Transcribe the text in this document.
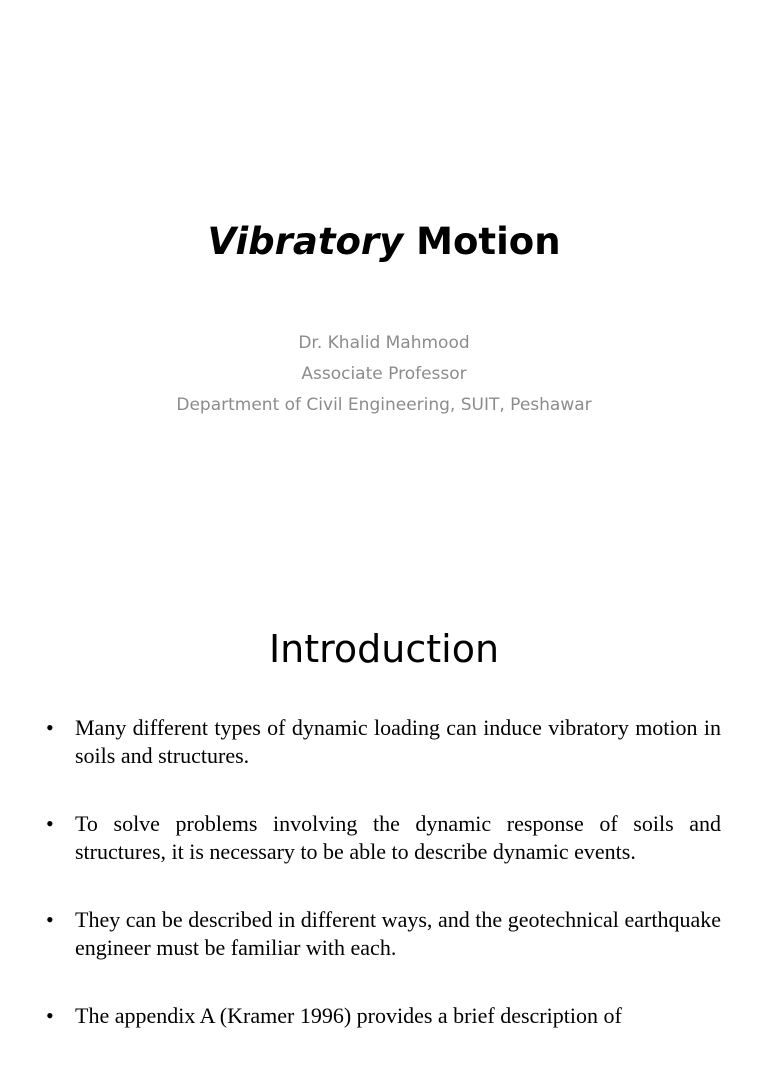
Vibratory Motion
Dr. Khalid Mahmood
Associate Professor
Department of Civil Engineering, SUIT, Peshawar
Introduction
• Many different types of dynamic loading can induce vibratory motion in soils and structures.
• To solve problems involving the dynamic response of soils and structures, it is necessary to be able to describe dynamic events.
• They can be described in different ways, and the geotechnical earthquake engineer must be familiar with each.
• The appendix A (Kramer 1996) provides a brief description of
